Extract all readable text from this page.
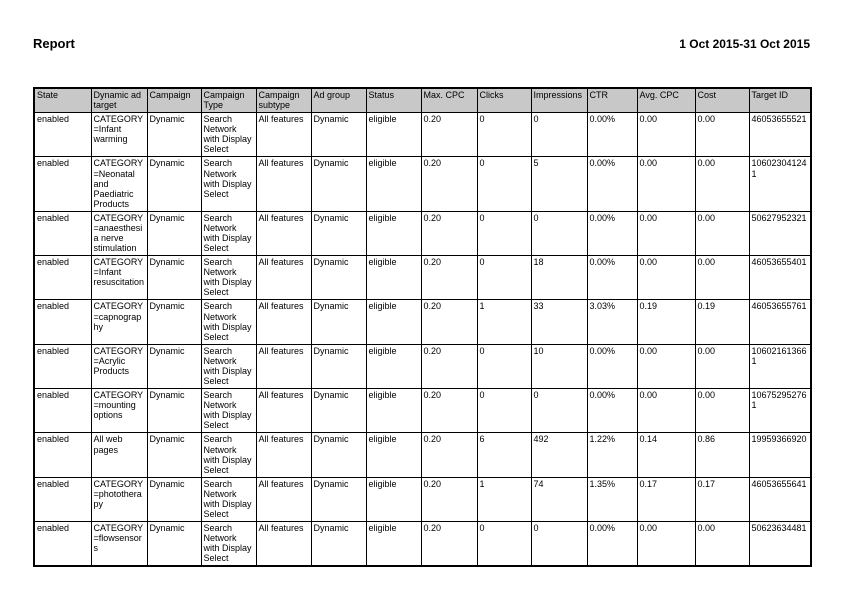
Report	1 Oct 2015-31 Oct 2015
State	Dynamic ad target	Campaign	Campaign Type	Campaign subtype	Ad group	Status	Max. CPC	Clicks	Impressions	CTR	Avg. CPC	Cost	Target ID
enabled	CATEGORY=Infant warming	Dynamic	Search Network with Display Select	All features	Dynamic	eligible	0.20	0	0	0.00%	0.00	0.00	46053655521
enabled	CATEGORY=Neonatal and Paediatric Products	Dynamic	Search Network with Display Select	All features	Dynamic	eligible	0.20	0	5	0.00%	0.00	0.00	106023041241
enabled	CATEGORY=anaesthesia nerve stimulation	Dynamic	Search Network with Display Select	All features	Dynamic	eligible	0.20	0	0	0.00%	0.00	0.00	50627952321
enabled	CATEGORY=Infant resuscitation	Dynamic	Search Network with Display Select	All features	Dynamic	eligible	0.20	0	18	0.00%	0.00	0.00	46053655401
enabled	CATEGORY=capnography	Dynamic	Search Network with Display Select	All features	Dynamic	eligible	0.20	1	33	3.03%	0.19	0.19	46053655761
enabled	CATEGORY=Acrylic Products	Dynamic	Search Network with Display Select	All features	Dynamic	eligible	0.20	0	10	0.00%	0.00	0.00	106021613661
enabled	CATEGORY=mounting options	Dynamic	Search Network with Display Select	All features	Dynamic	eligible	0.20	0	0	0.00%	0.00	0.00	106752952761
enabled	All web pages	Dynamic	Search Network with Display Select	All features	Dynamic	eligible	0.20	6	492	1.22%	0.14	0.86	19959366920
enabled	CATEGORY=phototherapy	Dynamic	Search Network with Display Select	All features	Dynamic	eligible	0.20	1	74	1.35%	0.17	0.17	46053655641
enabled	CATEGORY=flowsensors	Dynamic	Search Network with Display Select	All features	Dynamic	eligible	0.20	0	0	0.00%	0.00	0.00	50623634481
